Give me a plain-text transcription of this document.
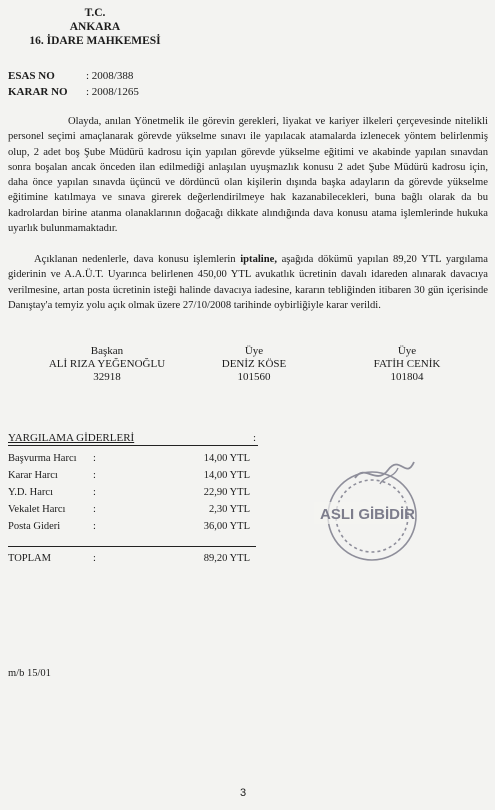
T.C.
ANKARA
16. İDARE MAHKEMESİ
ESAS NO	: 2008/388
KARAR NO : 2008/1265
Olayda, anılan Yönetmelik ile görevin gerekleri, liyakat ve kariyer ilkeleri çerçevesinde nitelikli personel seçimi amaçlanarak görevde yükselme sınavı ile yapılacak atamalarda izlenecek yöntem belirlenmiş olup, 2 adet boş Şube Müdürü kadrosu için yapılan görevde yükselme eğitimi ve akabinde yapılan sınavdan sonra boşalan ancak önceden ilan edilmediği anlaşılan uyuşmazlık konusu 2 adet Şube Müdürü kadrosu için, daha önce yapılan sınavda üçüncü ve dördüncü olan kişilerin dışında başka adayların da görevde yükselme eğitimine katılmaya ve sınava girerek değerlendirilmeye hak kazanabilecekleri, buna bağlı olarak da bu kadrolardan birine atanma olanaklarının doğacağı dikkate alındığında dava konusu atama işlemlerinde hukuka uyarlık bulunmamaktadır.
Açıklanan nedenlerle, dava konusu işlemlerin iptaline, aşağıda dökümü yapılan 89,20 YTL yargılama giderinin ve A.A.Ü.T. Uyarınca belirlenen 450,00 YTL avukatlık ücretinin davalı idareden alınarak davacıya verilmesine, artan posta ücretinin isteği halinde davacıya iadesine, kararın tebliğinden itibaren 30 gün içerisinde Danıştay'a temyiz yolu açık olmak üzere 27/10/2008 tarihinde oybirliğiyle karar verildi.
Başkan
ALİ RIZA YEĞENOĞLU
32918
Üye
DENİZ KÖSE
101560
Üye
FATİH CENİK
101804
YARGILAMA GİDERLERİ	:
Başvurma Harcı :	14,00 YTL
Karar Harcı	:	14,00 YTL
Y.D. Harcı	:	22,90 YTL
Vekalet Harcı	:	2,30 YTL
Posta Gideri	:	36,00 YTL
TOPLAM	:	89,20 YTL
ASLI GİBİDİR
m/b 15/01
3
